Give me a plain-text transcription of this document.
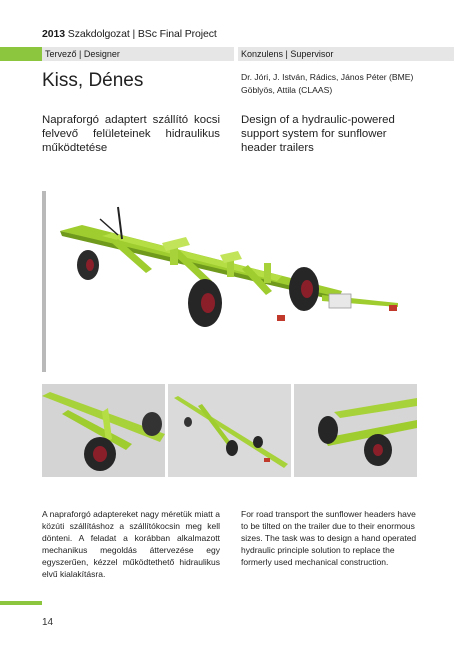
2013 Szakdolgozat | BSc Final Project
Tervező | Designer	Konzulens | Supervisor
Kiss, Dénes	Dr. Jóri, J. István, Rádics, János Péter (BME)
Göblyös, Attila (CLAAS)
Napraforgó adaptert szállító kocsi felvevő felületeinek hidraulikus működtetése
Design of a hydraulic-powered support system for sunflower header trailers
A napraforgó adaptereket nagy méretük miatt a közúti szállításhoz a szállítókocsin meg kell dönteni. A feladat a korábban alkalmazott mechanikus megoldás áttervezése egy egyszerűen, kézzel működtethető hidraulikus elvű kialakításra.
For road transport the sunflower headers have to be tilted on the trailer due to their enormous sizes. The task was to design a hand operated hydraulic principle solution to replace the formerly used mechanical construction.
14
